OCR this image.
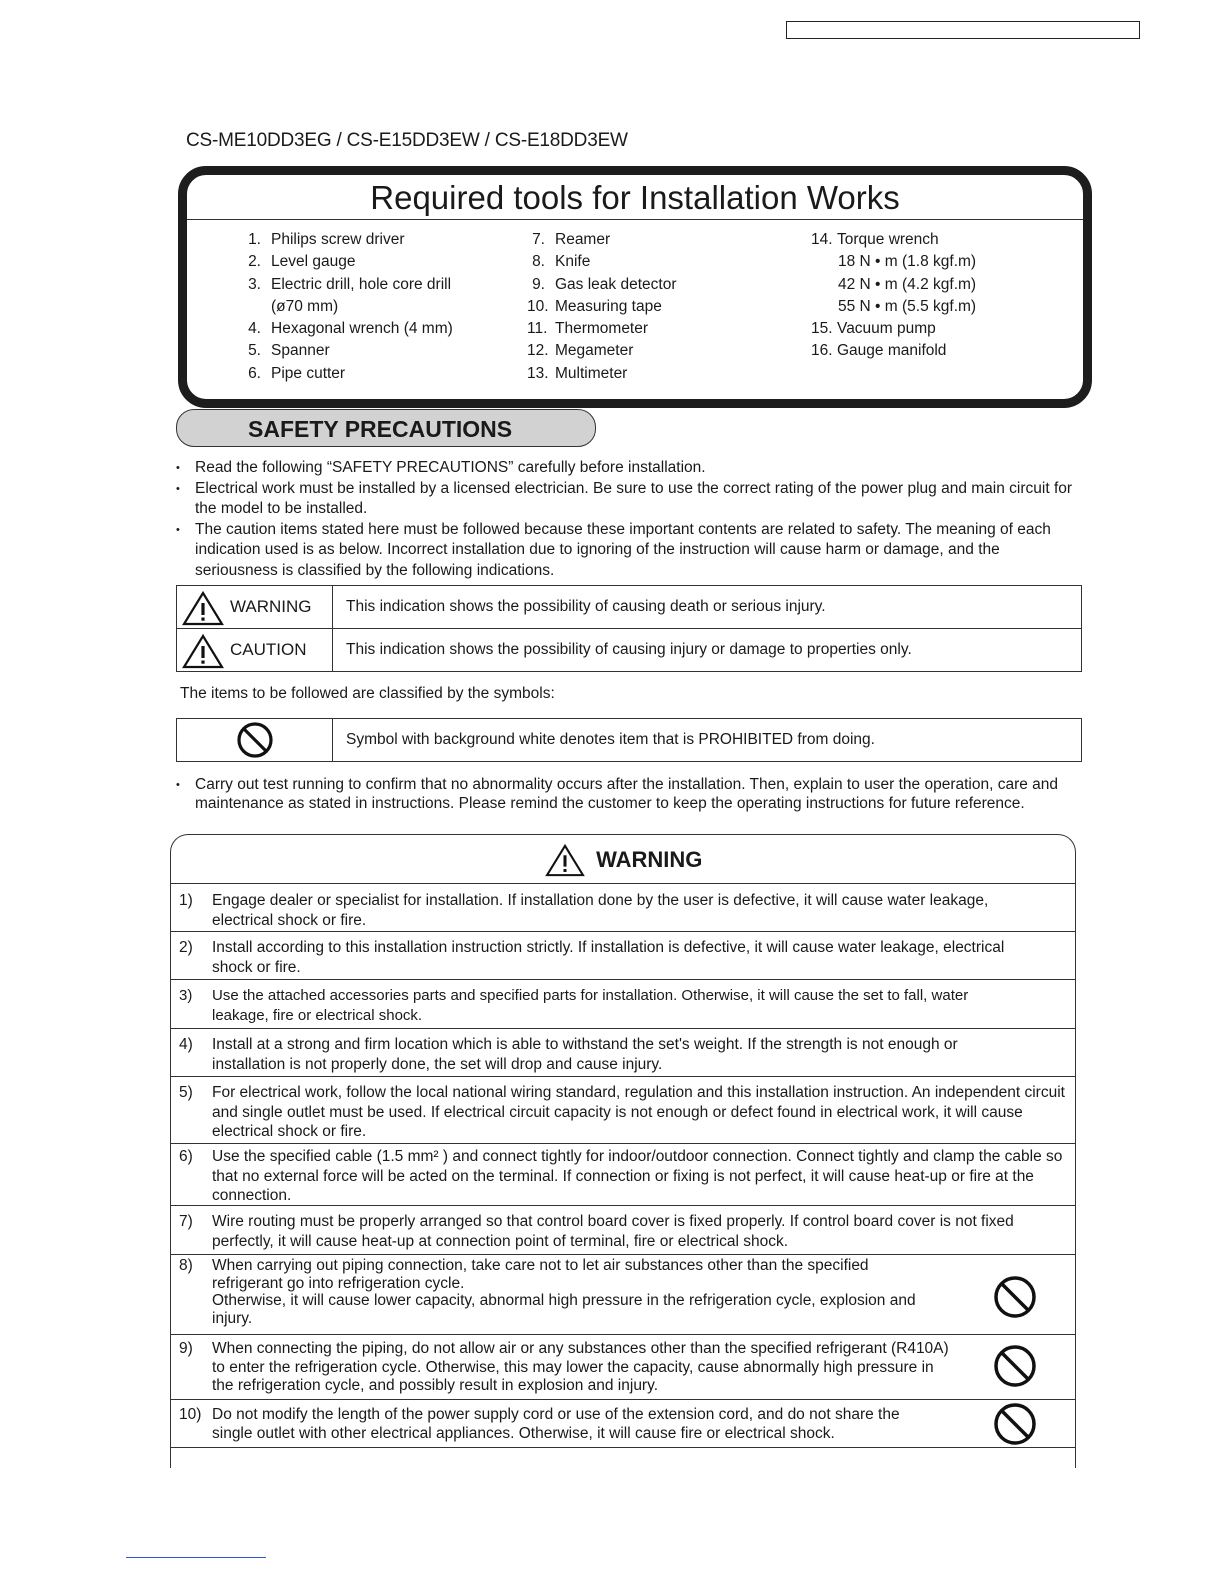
CS-ME10DD3EG / CS-E15DD3EW / CS-E18DD3EW
Required tools for Installation Works
1. Philips screw driver
2. Level gauge
3. Electric drill, hole core drill
(ø70 mm)
4. Hexagonal wrench (4 mm)
5. Spanner
6. Pipe cutter
7. Reamer
8. Knife
9. Gas leak detector
10. Measuring tape
11. Thermometer
12. Megameter
13. Multimeter
14. Torque wrench
18 N • m (1.8 kgf.m)
42 N • m (4.2 kgf.m)
55 N • m (5.5 kgf.m)
15. Vacuum pump
16. Gauge manifold
SAFETY PRECAUTIONS
• Read the following “SAFETY PRECAUTIONS” carefully before installation.
• Electrical work must be installed by a licensed electrician. Be sure to use the correct rating of the power plug and main circuit for the model to be installed.
• The caution items stated here must be followed because these important contents are related to safety. The meaning of each indication used is as below. Incorrect installation due to ignoring of the instruction will cause harm or damage, and the seriousness is classified by the following indications.
WARNING	This indication shows the possibility of causing death or serious injury.

CAUTION	This indication shows the possibility of causing injury or damage to properties only.
The items to be followed are classified by the symbols:
	Symbol with background white denotes item that is PROHIBITED from doing.
• Carry out test running to confirm that no abnormality occurs after the installation. Then, explain to user the operation, care and maintenance as stated in instructions. Please remind the customer to keep the operating instructions for future reference.
WARNING
1) Engage dealer or specialist for installation. If installation done by the user is defective, it will cause water leakage, electrical shock or fire.
2) Install according to this installation instruction strictly. If installation is defective, it will cause water leakage, electrical shock or fire.
3) Use the attached accessories parts and specified parts for installation. Otherwise, it will cause the set to fall, water leakage, fire or electrical shock.
4) Install at a strong and firm location which is able to withstand the set's weight. If the strength is not enough or installation is not properly done, the set will drop and cause injury.
5) For electrical work, follow the local national wiring standard, regulation and this installation instruction. An independent circuit and single outlet must be used. If electrical circuit capacity is not enough or defect found in electrical work, it will cause electrical shock or fire.
6) Use the specified cable (1.5 mm² ) and connect tightly for indoor/outdoor connection. Connect tightly and clamp the cable so that no external force will be acted on the terminal. If connection or fixing is not perfect, it will cause heat-up or fire at the connection.
7) Wire routing must be properly arranged so that control board cover is fixed properly. If control board cover is not fixed perfectly, it will cause heat-up at connection point of terminal, fire or electrical shock.
8) When carrying out piping connection, take care not to let air substances other than the specified refrigerant go into refrigeration cycle.
Otherwise, it will cause lower capacity, abnormal high pressure in the refrigeration cycle, explosion and injury.
9) When connecting the piping, do not allow air or any substances other than the specified refrigerant (R410A) to enter the refrigeration cycle. Otherwise, this may lower the capacity, cause abnormally high pressure in the refrigeration cycle, and possibly result in explosion and injury.
10) Do not modify the length of the power supply cord or use of the extension cord, and do not share the single outlet with other electrical appliances. Otherwise, it will cause fire or electrical shock.
